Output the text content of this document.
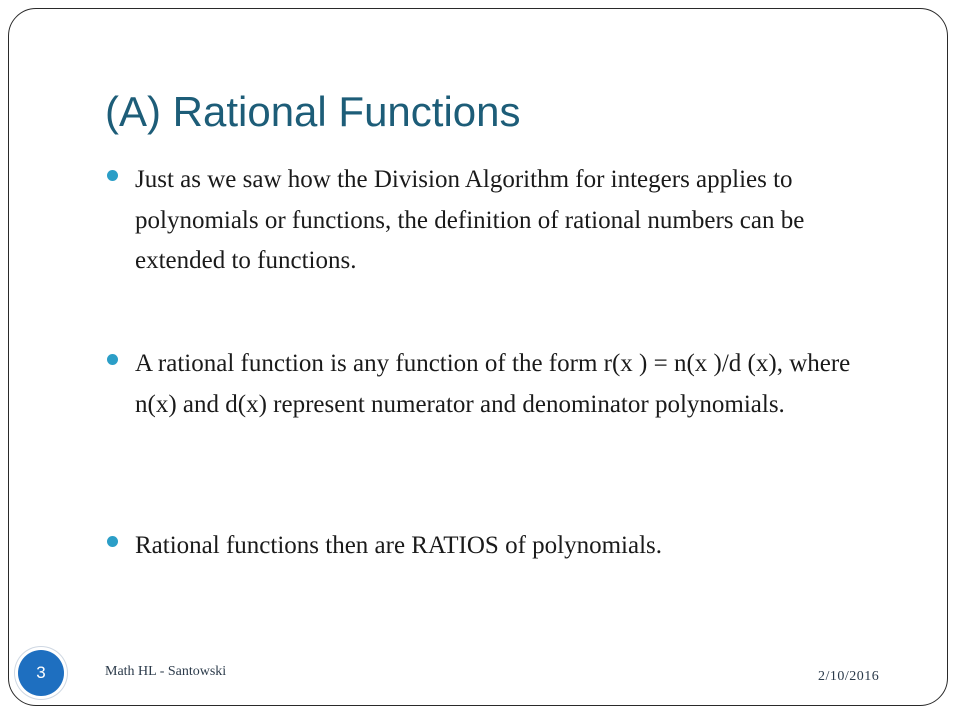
(A) Rational Functions
Just as we saw how the Division Algorithm for integers applies to polynomials or functions, the definition of rational numbers can be extended to functions.
A rational function is any function of the form r(x ) = n(x )/d (x), where n(x) and d(x) represent numerator and denominator polynomials.
Rational functions then are RATIOS of polynomials.
3	Math HL - Santowski	2/10/2016
